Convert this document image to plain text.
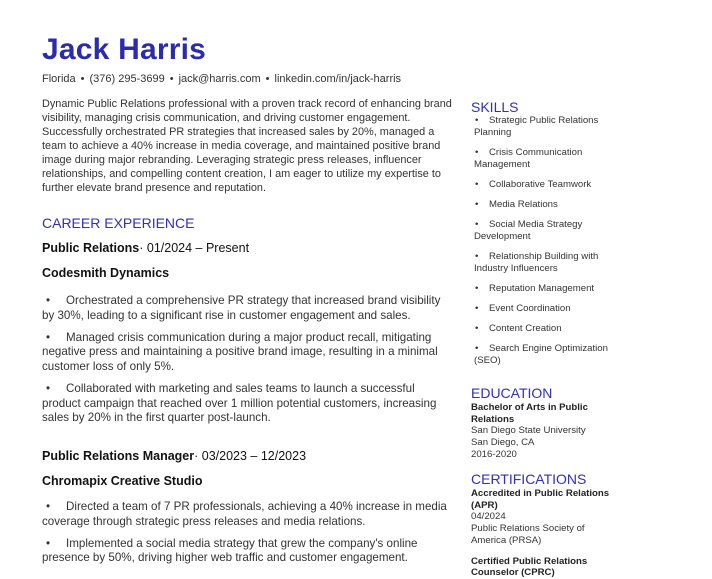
Jack Harris
Florida • (376) 295-3699 • jack@harris.com • linkedin.com/in/jack-harris

Dynamic Public Relations professional with a proven track record of enhancing brand visibility, managing crisis communication, and driving customer engagement. Successfully orchestrated PR strategies that increased sales by 20%, managed a team to achieve a 40% increase in media coverage, and maintained positive brand image during major rebranding. Leveraging strategic press releases, influencer relationships, and compelling content creation, I am eager to utilize my expertise to further elevate brand presence and reputation.

CAREER EXPERIENCE
Public Relations· 01/2024 – Present
Codesmith Dynamics
• Orchestrated a comprehensive PR strategy that increased brand visibility by 30%, leading to a significant rise in customer engagement and sales.
• Managed crisis communication during a major product recall, mitigating negative press and maintaining a positive brand image, resulting in a minimal customer loss of only 5%.
• Collaborated with marketing and sales teams to launch a successful product campaign that reached over 1 million potential customers, increasing sales by 20% in the first quarter post-launch.
Public Relations Manager· 03/2023 – 12/2023
Chromapix Creative Studio
• Directed a team of 7 PR professionals, achieving a 40% increase in media coverage through strategic press releases and media relations.
• Implemented a social media strategy that grew the company's online presence by 50%, driving higher web traffic and customer engagement.
SKILLS
• Strategic Public Relations Planning
• Crisis Communication Management
• Collaborative Teamwork
• Media Relations
• Social Media Strategy Development
• Relationship Building with Industry Influencers
• Reputation Management
• Event Coordination
• Content Creation
• Search Engine Optimization (SEO)
EDUCATION
Bachelor of Arts in Public Relations
San Diego State University
San Diego, CA
2016-2020
CERTIFICATIONS
Accredited in Public Relations (APR)
04/2024
Public Relations Society of America (PRSA)
Certified Public Relations Counselor (CPRC)
